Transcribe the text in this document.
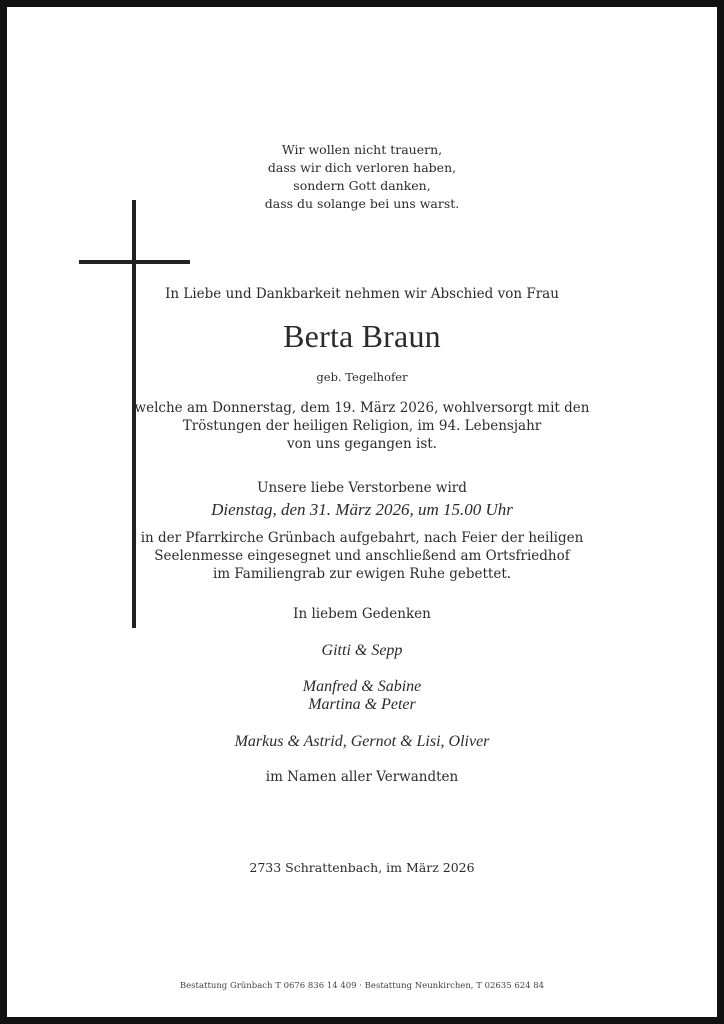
Wir wollen nicht trauern,
dass wir dich verloren haben,
sondern Gott danken,
dass du solange bei uns warst.
In Liebe und Dankbarkeit nehmen wir Abschied von Frau
Berta Braun
geb. Tegelhofer
welche am Donnerstag, dem 19. März 2026, wohlversorgt mit den
Tröstungen der heiligen Religion, im 94. Lebensjahr
von uns gegangen ist.
Unsere liebe Verstorbene wird
Dienstag, den 31. März 2026, um 15.00 Uhr
in der Pfarrkirche Grünbach aufgebahrt, nach Feier der heiligen
Seelenmesse eingesegnet und anschließend am Ortsfriedhof
im Familiengrab zur ewigen Ruhe gebettet.
In liebem Gedenken
Gitti & Sepp
Manfred & Sabine
Martina & Peter
Markus & Astrid, Gernot & Lisi, Oliver
im Namen aller Verwandten
2733 Schrattenbach, im März 2026
Bestattung Grünbach T 0676 836 14 409 · Bestattung Neunkirchen, T 02635 624 84
